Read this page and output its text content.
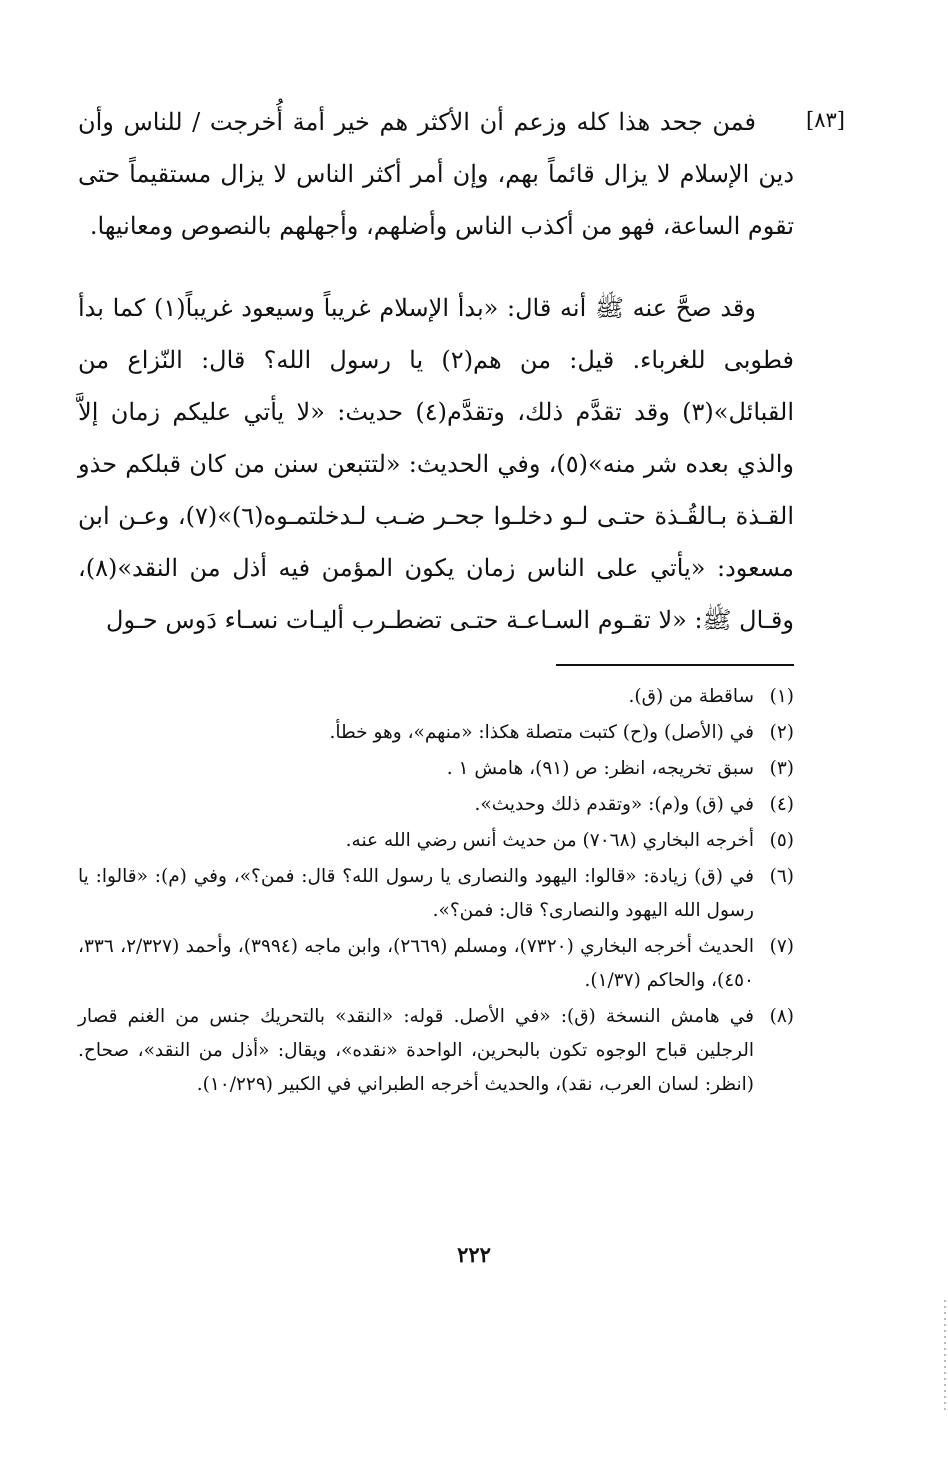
[٨٣]

فمن جحد هذا كله وزعم أن الأكثر هم خير أمة أُخرجت / للناس وأن دين الإسلام لا يزال قائماً بهم، وإن أمر أكثر الناس لا يزال مستقيماً حتى تقوم الساعة، فهو من أكذب الناس وأضلهم، وأجهلهم بالنصوص ومعانيها.

وقد صحَّ عنه ﷺ أنه قال: «بدأ الإسلام غريباً وسيعود غريباً(١) كما بدأ فطوبى للغرباء. قيل: من هم(٢) يا رسول الله؟ قال: النّزاع من القبائل»(٣) وقد تقدَّم ذلك، وتقدَّم(٤) حديث: «لا يأتي عليكم زمان إلاَّ والذي بعده شر منه»(٥)، وفي الحديث: «لتتبعن سنن من كان قبلكم حذو القـذة بـالقُـذة حتـى لـو دخلـوا جحـر ضـب لـدخلتمـوه(٦)»(٧)، وعـن ابن مسعود: «يأتي على الناس زمان يكون المؤمن فيه أذل من النقد»(٨)، وقـال ﷺ: «لا تقـوم السـاعـة حتـى تضطـرب أليـات نسـاء دَوس حـول

(١)
ساقطة من (ق).
(٢)
في (الأصل) و(ح) كتبت متصلة هكذا: «منهم»، وهو خطأ.
(٣)
سبق تخريجه، انظر: ص (٩١)، هامش ١ .
(٤)
في (ق) و(م): «وتقدم ذلك وحديث».
(٥)
أخرجه البخاري (٧٠٦٨) من حديث أنس رضي الله عنه.
(٦)
في (ق) زيادة: «قالوا: اليهود والنصارى يا رسول الله؟ قال: فمن؟»، وفي (م): «قالوا: يا رسول الله اليهود والنصارى؟ قال: فمن؟».
(٧)
الحديث أخرجه البخاري (٧٣٢٠)، ومسلم (٢٦٦٩)، وابن ماجه (٣٩٩٤)، وأحمد (٢/٣٢٧، ٣٣٦، ٤٥٠)، والحاكم (١/٣٧).
(٨)
في هامش النسخة (ق): «في الأصل. قوله: «النقد» بالتحريك جنس من الغنم قصار الرجلين قباح الوجوه تكون بالبحرين، الواحدة «نقده»، ويقال: «أذل من النقد»، صحاح. (انظر: لسان العرب، نقد)، والحديث أخرجه الطبراني في الكبير (١٠/٢٢٩).
٢٢٢
